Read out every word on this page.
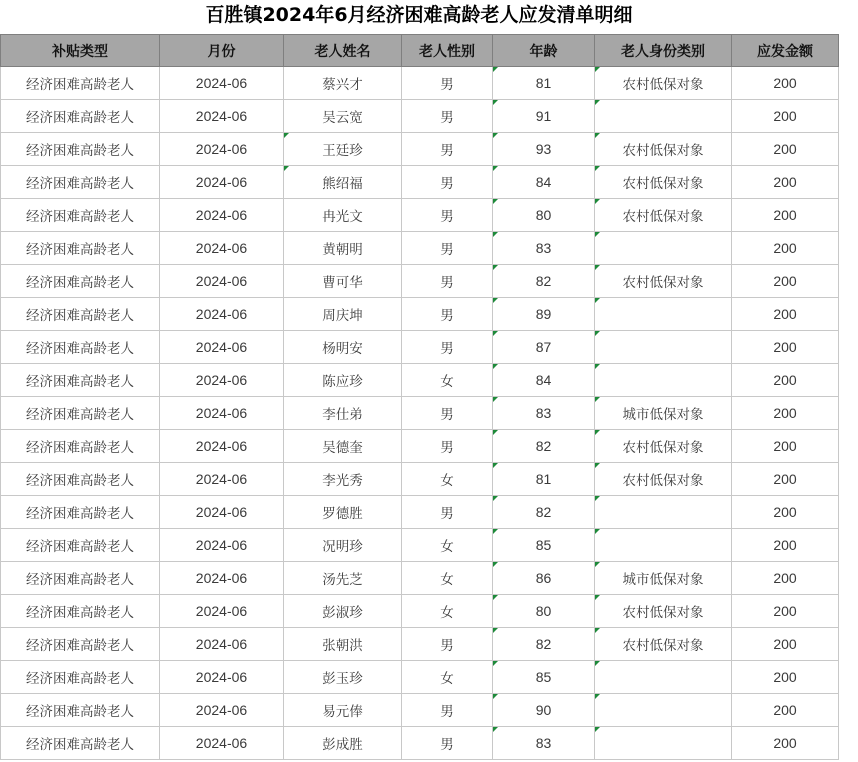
百胜镇2024年6月经济困难高龄老人应发清单明细
补贴类型	月份	老人姓名	老人性别	年龄	老人身份类别	应发金额
经济困难高龄老人	2024-06	蔡兴才	男	81	农村低保对象	200
经济困难高龄老人	2024-06	吴云宽	男	91		200
经济困难高龄老人	2024-06	王廷珍	男	93	农村低保对象	200
经济困难高龄老人	2024-06	熊绍福	男	84	农村低保对象	200
经济困难高龄老人	2024-06	冉光文	男	80	农村低保对象	200
经济困难高龄老人	2024-06	黄朝明	男	83		200
经济困难高龄老人	2024-06	曹可华	男	82	农村低保对象	200
经济困难高龄老人	2024-06	周庆坤	男	89		200
经济困难高龄老人	2024-06	杨明安	男	87		200
经济困难高龄老人	2024-06	陈应珍	女	84		200
经济困难高龄老人	2024-06	李仕弟	男	83	城市低保对象	200
经济困难高龄老人	2024-06	吴德奎	男	82	农村低保对象	200
经济困难高龄老人	2024-06	李光秀	女	81	农村低保对象	200
经济困难高龄老人	2024-06	罗德胜	男	82		200
经济困难高龄老人	2024-06	况明珍	女	85		200
经济困难高龄老人	2024-06	汤先芝	女	86	城市低保对象	200
经济困难高龄老人	2024-06	彭淑珍	女	80	农村低保对象	200
经济困难高龄老人	2024-06	张朝洪	男	82	农村低保对象	200
经济困难高龄老人	2024-06	彭玉珍	女	85		200
经济困难高龄老人	2024-06	易元俸	男	90		200
经济困难高龄老人	2024-06	彭成胜	男	83		200
